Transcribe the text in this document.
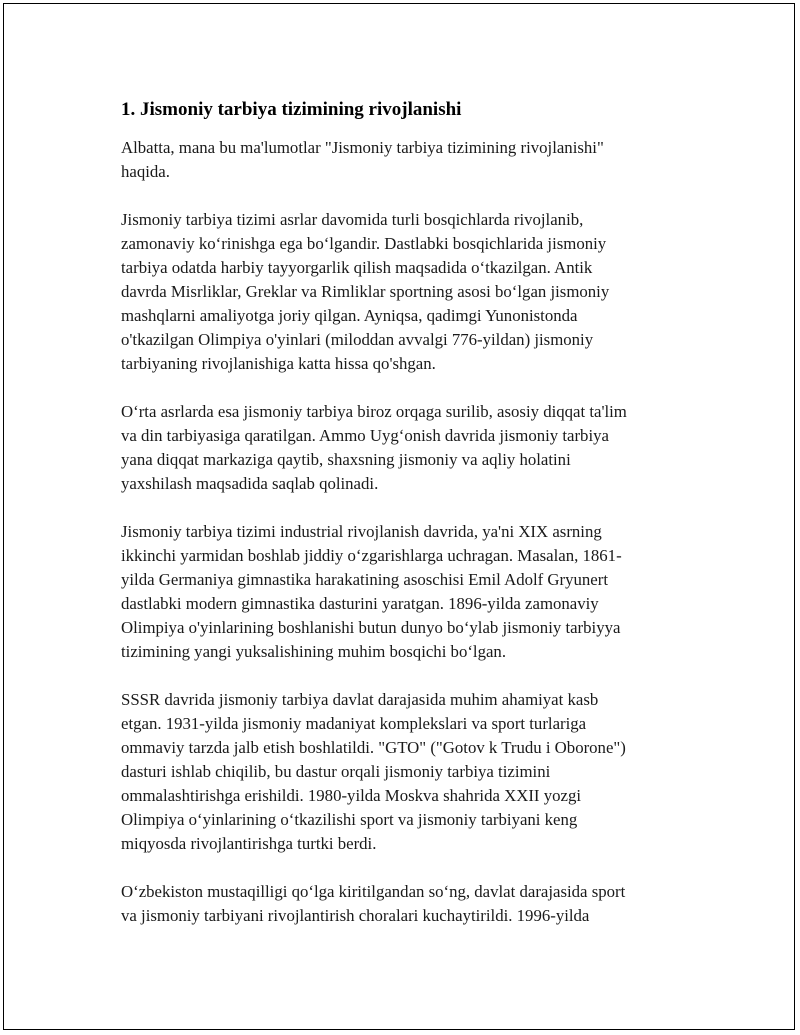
1. Jismoniy tarbiya tizimining rivojlanishi

Albatta, mana bu ma'lumotlar "Jismoniy tarbiya tizimining rivojlanishi"
haqida.

Jismoniy tarbiya tizimi asrlar davomida turli bosqichlarda rivojlanib,
zamonaviy ko‘rinishga ega bo‘lgandir. Dastlabki bosqichlarida jismoniy
tarbiya odatda harbiy tayyorgarlik qilish maqsadida o‘tkazilgan. Antik
davrda Misrliklar, Greklar va Rimliklar sportning asosi bo‘lgan jismoniy
mashqlarni amaliyotga joriy qilgan. Ayniqsa, qadimgi Yunonistonda
o'tkazilgan Olimpiya o'yinlari (miloddan avvalgi 776-yildan) jismoniy
tarbiyaning rivojlanishiga katta hissa qo'shgan.

O‘rta asrlarda esa jismoniy tarbiya biroz orqaga surilib, asosiy diqqat ta'lim
va din tarbiyasiga qaratilgan. Ammo Uyg‘onish davrida jismoniy tarbiya
yana diqqat markaziga qaytib, shaxsning jismoniy va aqliy holatini
yaxshilash maqsadida saqlab qolinadi.

Jismoniy tarbiya tizimi industrial rivojlanish davrida, ya'ni XIX asrning
ikkinchi yarmidan boshlab jiddiy o‘zgarishlarga uchragan. Masalan, 1861-
yilda Germaniya gimnastika harakatining asoschisi Emil Adolf Gryunert
dastlabki modern gimnastika dasturini yaratgan. 1896-yilda zamonaviy
Olimpiya o'yinlarining boshlanishi butun dunyo bo‘ylab jismoniy tarbiyya
tizimining yangi yuksalishining muhim bosqichi bo‘lgan.

SSSR davrida jismoniy tarbiya davlat darajasida muhim ahamiyat kasb
etgan. 1931-yilda jismoniy madaniyat komplekslari va sport turlariga
ommaviy tarzda jalb etish boshlatildi. "GTO" ("Gotov k Trudu i Oborone")
dasturi ishlab chiqilib, bu dastur orqali jismoniy tarbiya tizimini
ommalashtirishga erishildi. 1980-yilda Moskva shahrida XXII yozgi
Olimpiya o‘yinlarining o‘tkazilishi sport va jismoniy tarbiyani keng
miqyosda rivojlantirishga turtki berdi.

O‘zbekiston mustaqilligi qo‘lga kiritilgandan so‘ng, davlat darajasida sport
va jismoniy tarbiyani rivojlantirish choralari kuchaytirildi. 1996-yilda
